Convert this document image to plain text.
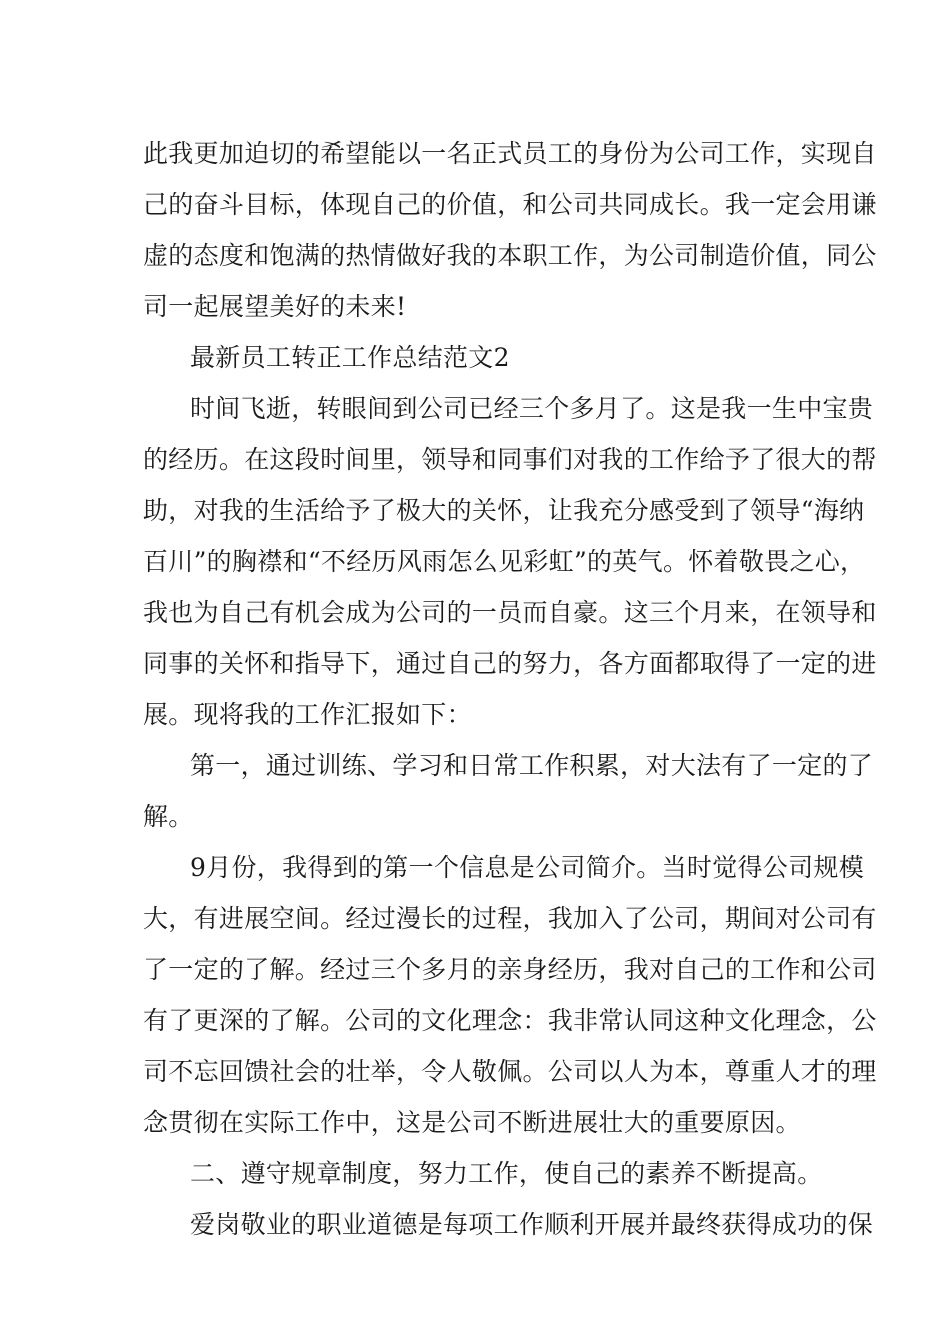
此我更加迫切的希望能以一名正式员工的身份为公司工作，实现自
己的奋斗目标，体现自己的价值，和公司共同成长。我一定会用谦
虚的态度和饱满的热情做好我的本职工作，为公司制造价值，同公
司一起展望美好的未来!
最新员工转正工作总结范文2
时间飞逝，转眼间到公司已经三个多月了。这是我一生中宝贵
的经历。在这段时间里，领导和同事们对我的工作给予了很大的帮
助，对我的生活给予了极大的关怀，让我充分感受到了领导“海纳
百川”的胸襟和“不经历风雨怎么见彩虹”的英气。怀着敬畏之心，
我也为自己有机会成为公司的一员而自豪。这三个月来，在领导和
同事的关怀和指导下，通过自己的努力，各方面都取得了一定的进
展。现将我的工作汇报如下：
第一，通过训练、学习和日常工作积累，对大法有了一定的了
解。
9月份，我得到的第一个信息是公司简介。当时觉得公司规模
大，有进展空间。经过漫长的过程，我加入了公司，期间对公司有
了一定的了解。经过三个多月的亲身经历，我对自己的工作和公司
有了更深的了解。公司的文化理念：我非常认同这种文化理念，公
司不忘回馈社会的壮举，令人敬佩。公司以人为本，尊重人才的理
念贯彻在实际工作中，这是公司不断进展壮大的重要原因。
二、遵守规章制度，努力工作，使自己的素养不断提高。
爱岗敬业的职业道德是每项工作顺利开展并最终获得成功的保
